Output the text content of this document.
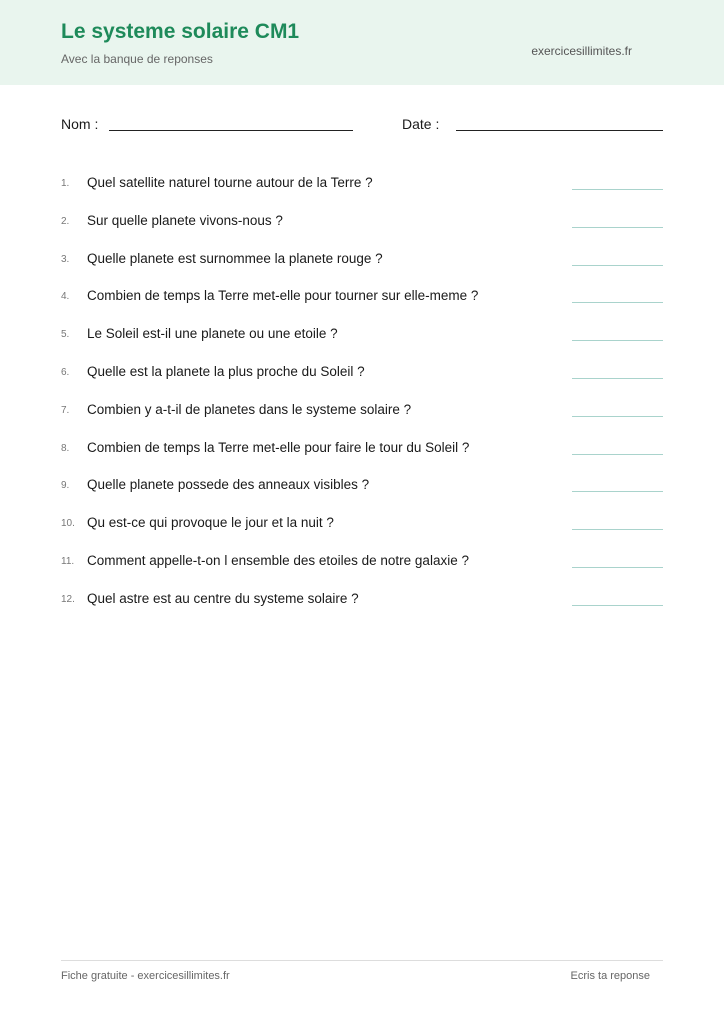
Le systeme solaire CM1
Avec la banque de reponses
exercicesillimites.fr
Nom :	Date :
1.	Quel satellite naturel tourne autour de la Terre ?
2.	Sur quelle planete vivons-nous ?
3.	Quelle planete est surnommee la planete rouge ?
4.	Combien de temps la Terre met-elle pour tourner sur elle-meme ?
5.	Le Soleil est-il une planete ou une etoile ?
6.	Quelle est la planete la plus proche du Soleil ?
7.	Combien y a-t-il de planetes dans le systeme solaire ?
8.	Combien de temps la Terre met-elle pour faire le tour du Soleil ?
9.	Quelle planete possede des anneaux visibles ?
10. Qu est-ce qui provoque le jour et la nuit ?
11. Comment appelle-t-on l ensemble des etoiles de notre galaxie ?
12. Quel astre est au centre du systeme solaire ?
Fiche gratuite - exercicesillimites.fr	Ecris ta reponse
